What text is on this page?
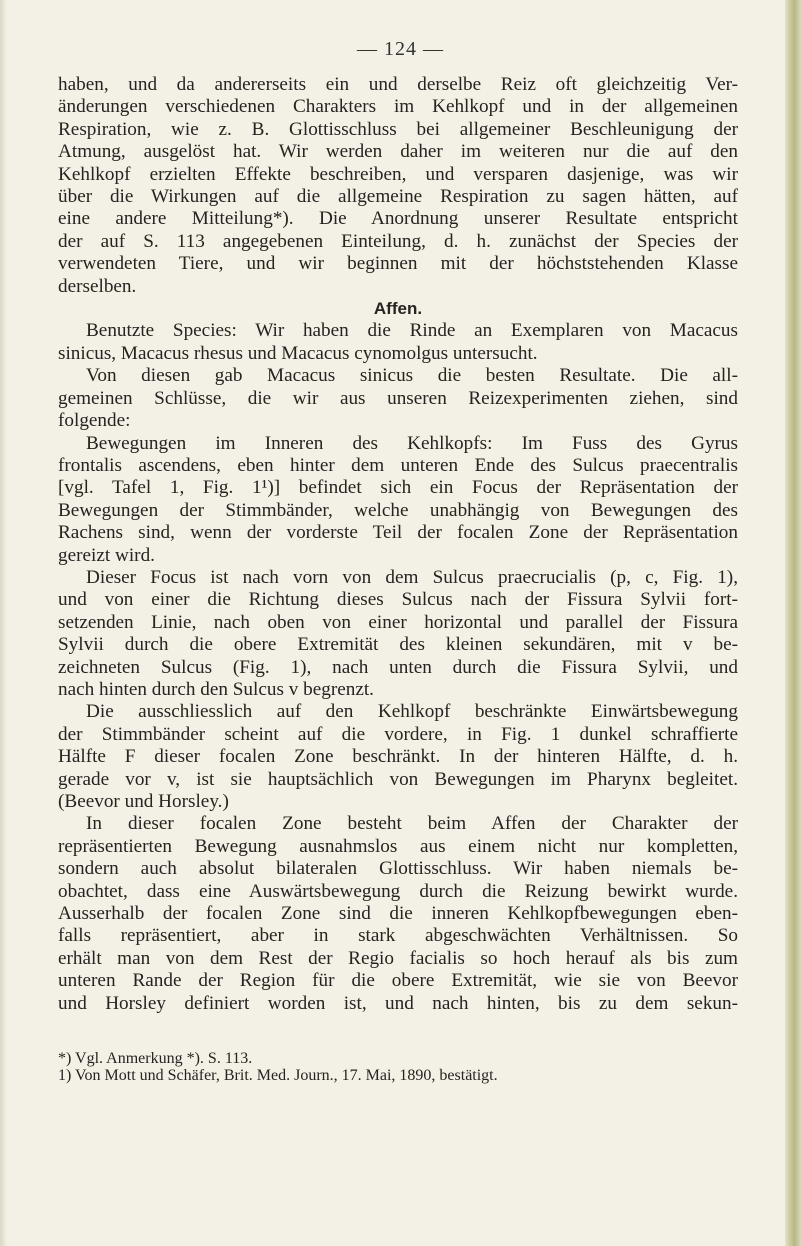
— 124 —
haben, und da andererseits ein und derselbe Reiz oft gleichzeitig Ver-
änderungen verschiedenen Charakters im Kehlkopf und in der allgemeinen
Respiration, wie z. B. Glottisschluss bei allgemeiner Beschleunigung der
Atmung, ausgelöst hat. Wir werden daher im weiteren nur die auf den
Kehlkopf erzielten Effekte beschreiben, und versparen dasjenige, was wir
über die Wirkungen auf die allgemeine Respiration zu sagen hätten, auf
eine andere Mitteilung*). Die Anordnung unserer Resultate entspricht
der auf S. 113 angegebenen Einteilung, d. h. zunächst der Species der
verwendeten Tiere, und wir beginnen mit der höchststehenden Klasse
derselben.
Affen.
Benutzte Species: Wir haben die Rinde an Exemplaren von Macacus
sinicus, Macacus rhesus und Macacus cynomolgus untersucht.
Von diesen gab Macacus sinicus die besten Resultate. Die all-
gemeinen Schlüsse, die wir aus unseren Reizexperimenten ziehen, sind
folgende:
Bewegungen im Inneren des Kehlkopfs: Im Fuss des Gyrus
frontalis ascendens, eben hinter dem unteren Ende des Sulcus praecentralis
[vgl. Tafel 1, Fig. 1¹)] befindet sich ein Focus der Repräsentation der
Bewegungen der Stimmbänder, welche unabhängig von Bewegungen des
Rachens sind, wenn der vorderste Teil der focalen Zone der Repräsentation
gereizt wird.
Dieser Focus ist nach vorn von dem Sulcus praecrucialis (p, c, Fig. 1),
und von einer die Richtung dieses Sulcus nach der Fissura Sylvii fort-
setzenden Linie, nach oben von einer horizontal und parallel der Fissura
Sylvii durch die obere Extremität des kleinen sekundären, mit v be-
zeichneten Sulcus (Fig. 1), nach unten durch die Fissura Sylvii, und
nach hinten durch den Sulcus v begrenzt.
Die ausschliesslich auf den Kehlkopf beschränkte Einwärtsbewegung
der Stimmbänder scheint auf die vordere, in Fig. 1 dunkel schraffierte
Hälfte F dieser focalen Zone beschränkt. In der hinteren Hälfte, d. h.
gerade vor v, ist sie hauptsächlich von Bewegungen im Pharynx begleitet.
(Beevor und Horsley.)
In dieser focalen Zone besteht beim Affen der Charakter der
repräsentierten Bewegung ausnahmslos aus einem nicht nur kompletten,
sondern auch absolut bilateralen Glottisschluss. Wir haben niemals be-
obachtet, dass eine Auswärtsbewegung durch die Reizung bewirkt wurde.
Ausserhalb der focalen Zone sind die inneren Kehlkopfbewegungen eben-
falls repräsentiert, aber in stark abgeschwächten Verhältnissen. So
erhält man von dem Rest der Regio facialis so hoch herauf als bis zum
unteren Rande der Region für die obere Extremität, wie sie von Beevor
und Horsley definiert worden ist, und nach hinten, bis zu dem sekun-
*) Vgl. Anmerkung *). S. 113.
1) Von Mott und Schäfer, Brit. Med. Journ., 17. Mai, 1890, bestätigt.
